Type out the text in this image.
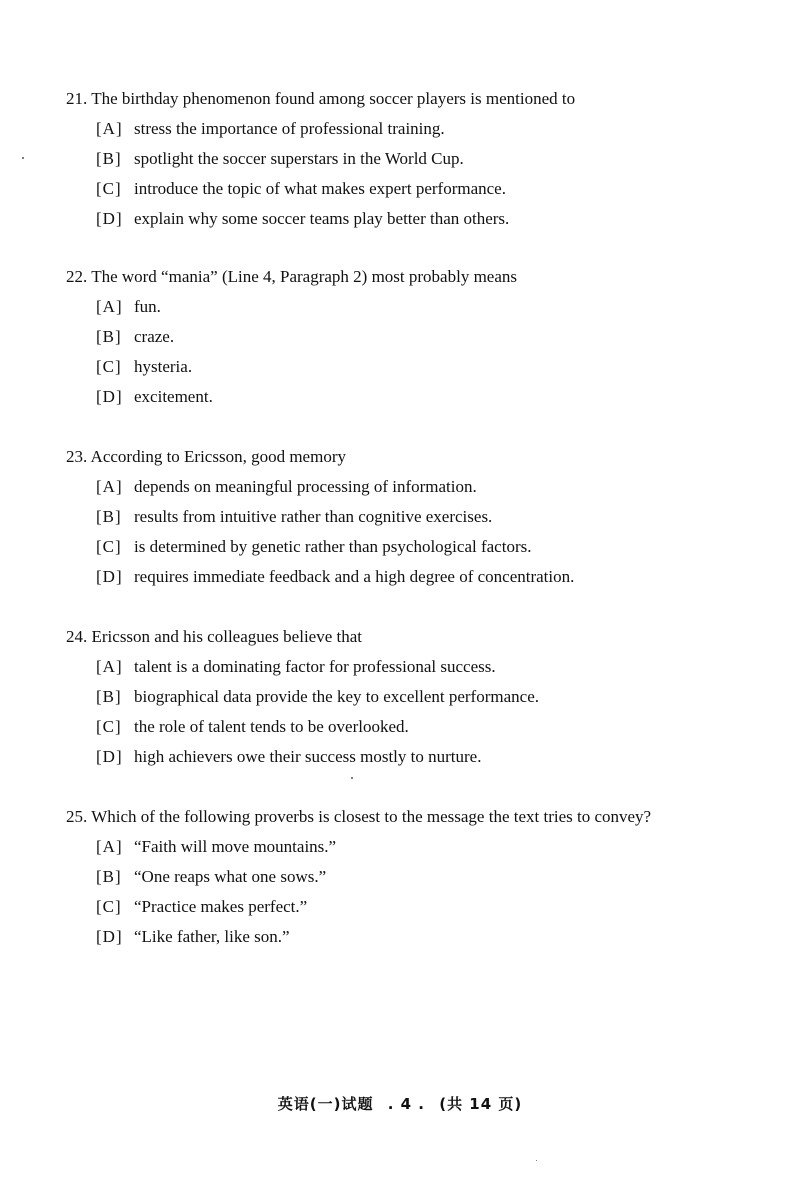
21. The birthday phenomenon found among soccer players is mentioned to
[A] stress the importance of professional training.
[B] spotlight the soccer superstars in the World Cup.
[C] introduce the topic of what makes expert performance.
[D] explain why some soccer teams play better than others.
22. The word “mania” (Line 4, Paragraph 2) most probably means
[A] fun.
[B] craze.
[C] hysteria.
[D] excitement.
23. According to Ericsson, good memory
[A] depends on meaningful processing of information.
[B] results from intuitive rather than cognitive exercises.
[C] is determined by genetic rather than psychological factors.
[D] requires immediate feedback and a high degree of concentration.
24. Ericsson and his colleagues believe that
[A] talent is a dominating factor for professional success.
[B] biographical data provide the key to excellent performance.
[C] the role of talent tends to be overlooked.
[D] high achievers owe their success mostly to nurture.
25. Which of the following proverbs is closest to the message the text tries to convey?
[A] “Faith will move mountains.”
[B] “One reaps what one sows.”
[C] “Practice makes perfect.”
[D] “Like father, like son.”
英语(一)试题 . 4 . (共 14 页)
